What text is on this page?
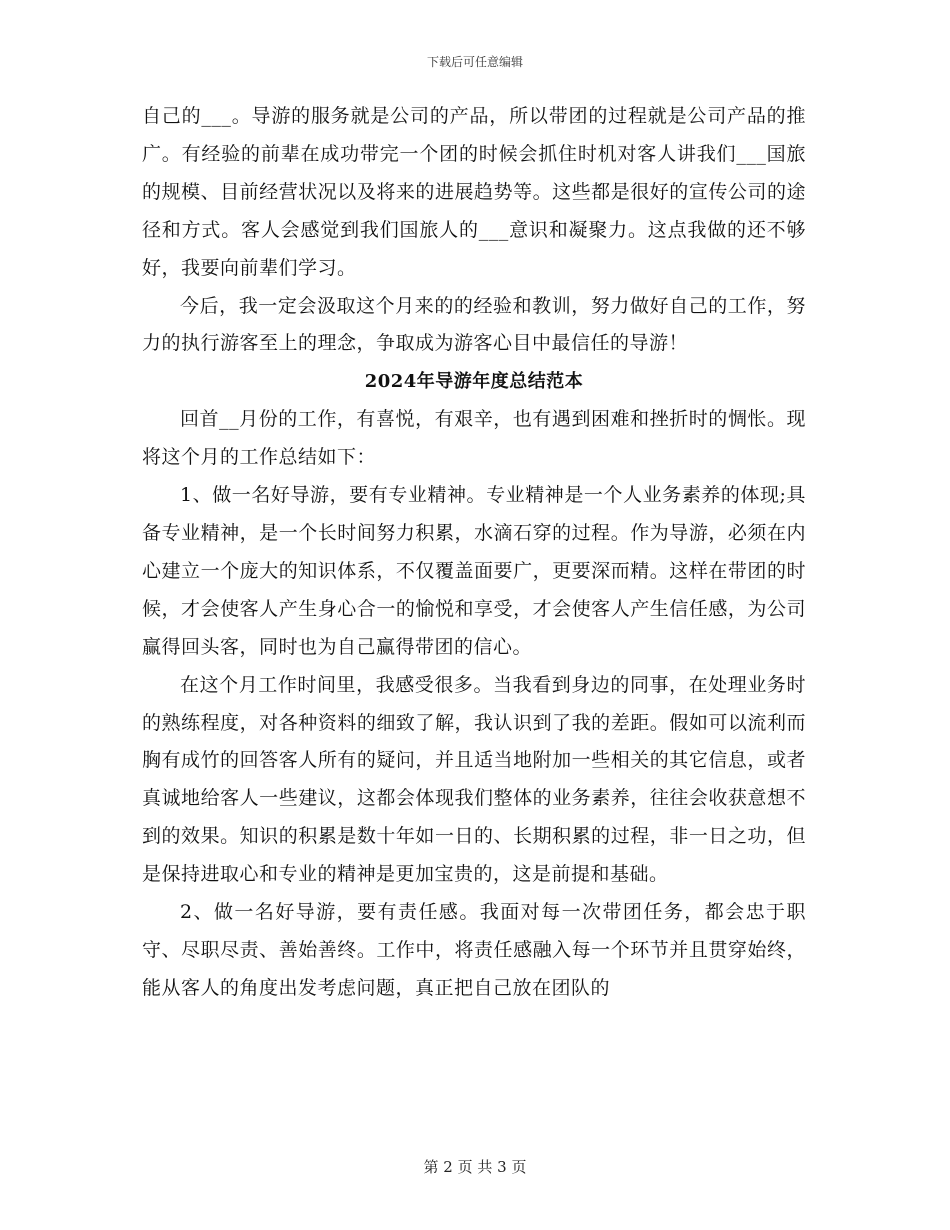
下载后可任意编辑

自己的___。导游的服务就是公司的产品，所以带团的过程就是公司产品的推广。有经验的前辈在成功带完一个团的时候会抓住时机对客人讲我们___国旅的规模、目前经营状况以及将来的进展趋势等。这些都是很好的宣传公司的途径和方式。客人会感觉到我们国旅人的___意识和凝聚力。这点我做的还不够好，我要向前辈们学习。

今后，我一定会汲取这个月来的的经验和教训，努力做好自己的工作，努力的执行游客至上的理念，争取成为游客心目中最信任的导游！

2024年导游年度总结范本

回首__月份的工作，有喜悦，有艰辛，也有遇到困难和挫折时的惆怅。现将这个月的工作总结如下：

1、做一名好导游，要有专业精神。专业精神是一个人业务素养的体现;具备专业精神，是一个长时间努力积累，水滴石穿的过程。作为导游，必须在内心建立一个庞大的知识体系，不仅覆盖面要广，更要深而精。这样在带团的时候，才会使客人产生身心合一的愉悦和享受，才会使客人产生信任感，为公司赢得回头客，同时也为自己赢得带团的信心。

在这个月工作时间里，我感受很多。当我看到身边的同事，在处理业务时的熟练程度，对各种资料的细致了解，我认识到了我的差距。假如可以流利而胸有成竹的回答客人所有的疑问，并且适当地附加一些相关的其它信息，或者真诚地给客人一些建议，这都会体现我们整体的业务素养，往往会收获意想不到的效果。知识的积累是数十年如一日的、长期积累的过程，非一日之功，但是保持进取心和专业的精神是更加宝贵的，这是前提和基础。

2、做一名好导游，要有责任感。我面对每一次带团任务，都会忠于职守、尽职尽责、善始善终。工作中，将责任感融入每一个环节并且贯穿始终，能从客人的角度出发考虑问题，真正把自己放在团队的

第 2 页 共 3 页
